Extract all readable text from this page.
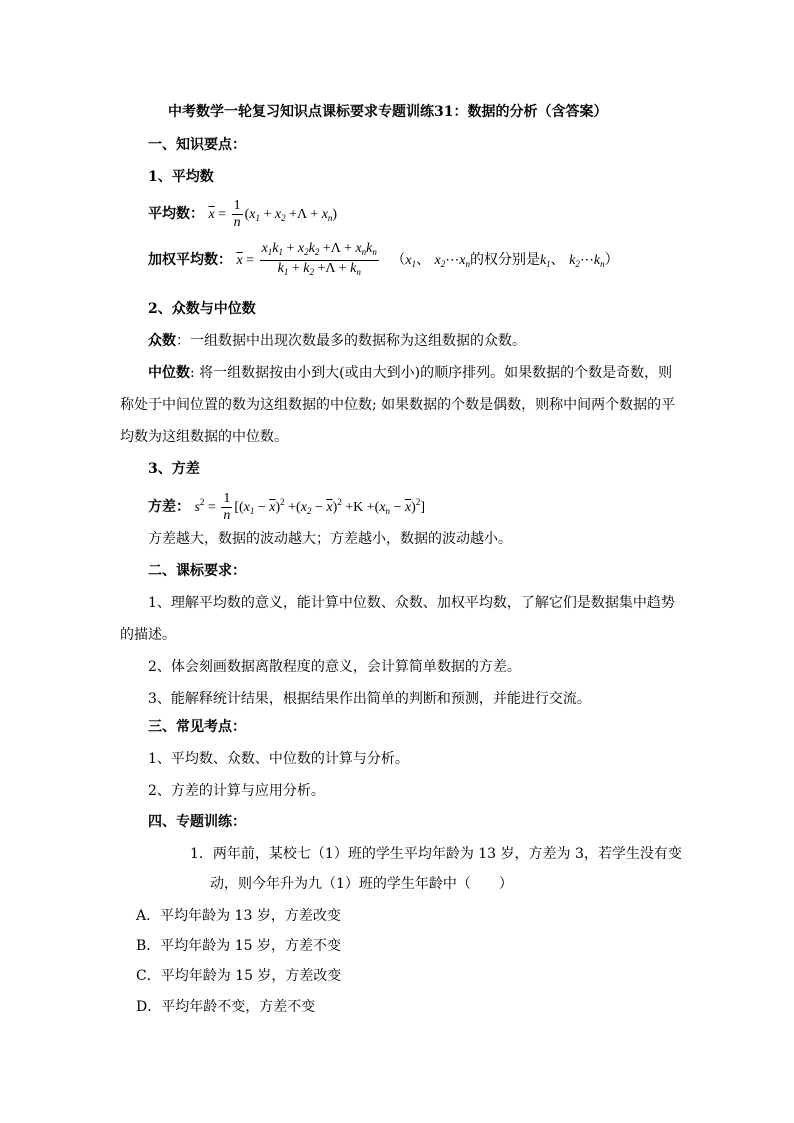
中考数学一轮复习知识点课标要求专题训练31：数据的分析（含答案）
一、知识要点：
1、平均数
平均数： $\overline{x} = \frac{1}{n} (x_1 + x_2 +\Lambda + x_n)$
加权平均数： $\overline{x} = \frac{x_1k_1 + x_2k_2 +\Lambda + x_nk_n}{k_1 + k_2 +\Lambda + k_n} (x_1$、 $x_2\cdots x_n$的权分别是$k_1$、 $k_2\cdots k_n$）
2、众数与中位数
众数：一组数据中出现次数最多的数据称为这组数据的众数。
中位数: 将一组数据按由小到大(或由大到小)的顺序排列。如果数据的个数是奇数，则
称处于中间位置的数为这组数据的中位数; 如果数据的个数是偶数，则称中间两个数据的平
均数为这组数据的中位数。
3、方差
方差： $s^2 = \frac{1}{n} [(x_1 - \overline{x})^2 +(x_2 - \overline{x})^2 +K +(x_n - \overline{x})^2]$
方差越大，数据的波动越大；方差越小，数据的波动越小。
二、课标要求：
1、理解平均数的意义，能计算中位数、众数、加权平均数，了解它们是数据集中趋势
的描述。
2、体会刻画数据离散程度的意义，会计算简单数据的方差。
3、能解释统计结果，根据结果作出简单的判断和预测，并能进行交流。
三、常见考点：
1、平均数、众数、中位数的计算与分析。
2、方差的计算与应用分析。
四、专题训练：
1．两年前，某校七（1）班的学生平均年龄为 13 岁，方差为 3，若学生没有变
动，则今年升为九（1）班的学生年龄中（　　）
A．平均年龄为 13 岁，方差改变
B．平均年龄为 15 岁，方差不变
C．平均年龄为 15 岁，方差改变
D．平均年龄不变，方差不变
